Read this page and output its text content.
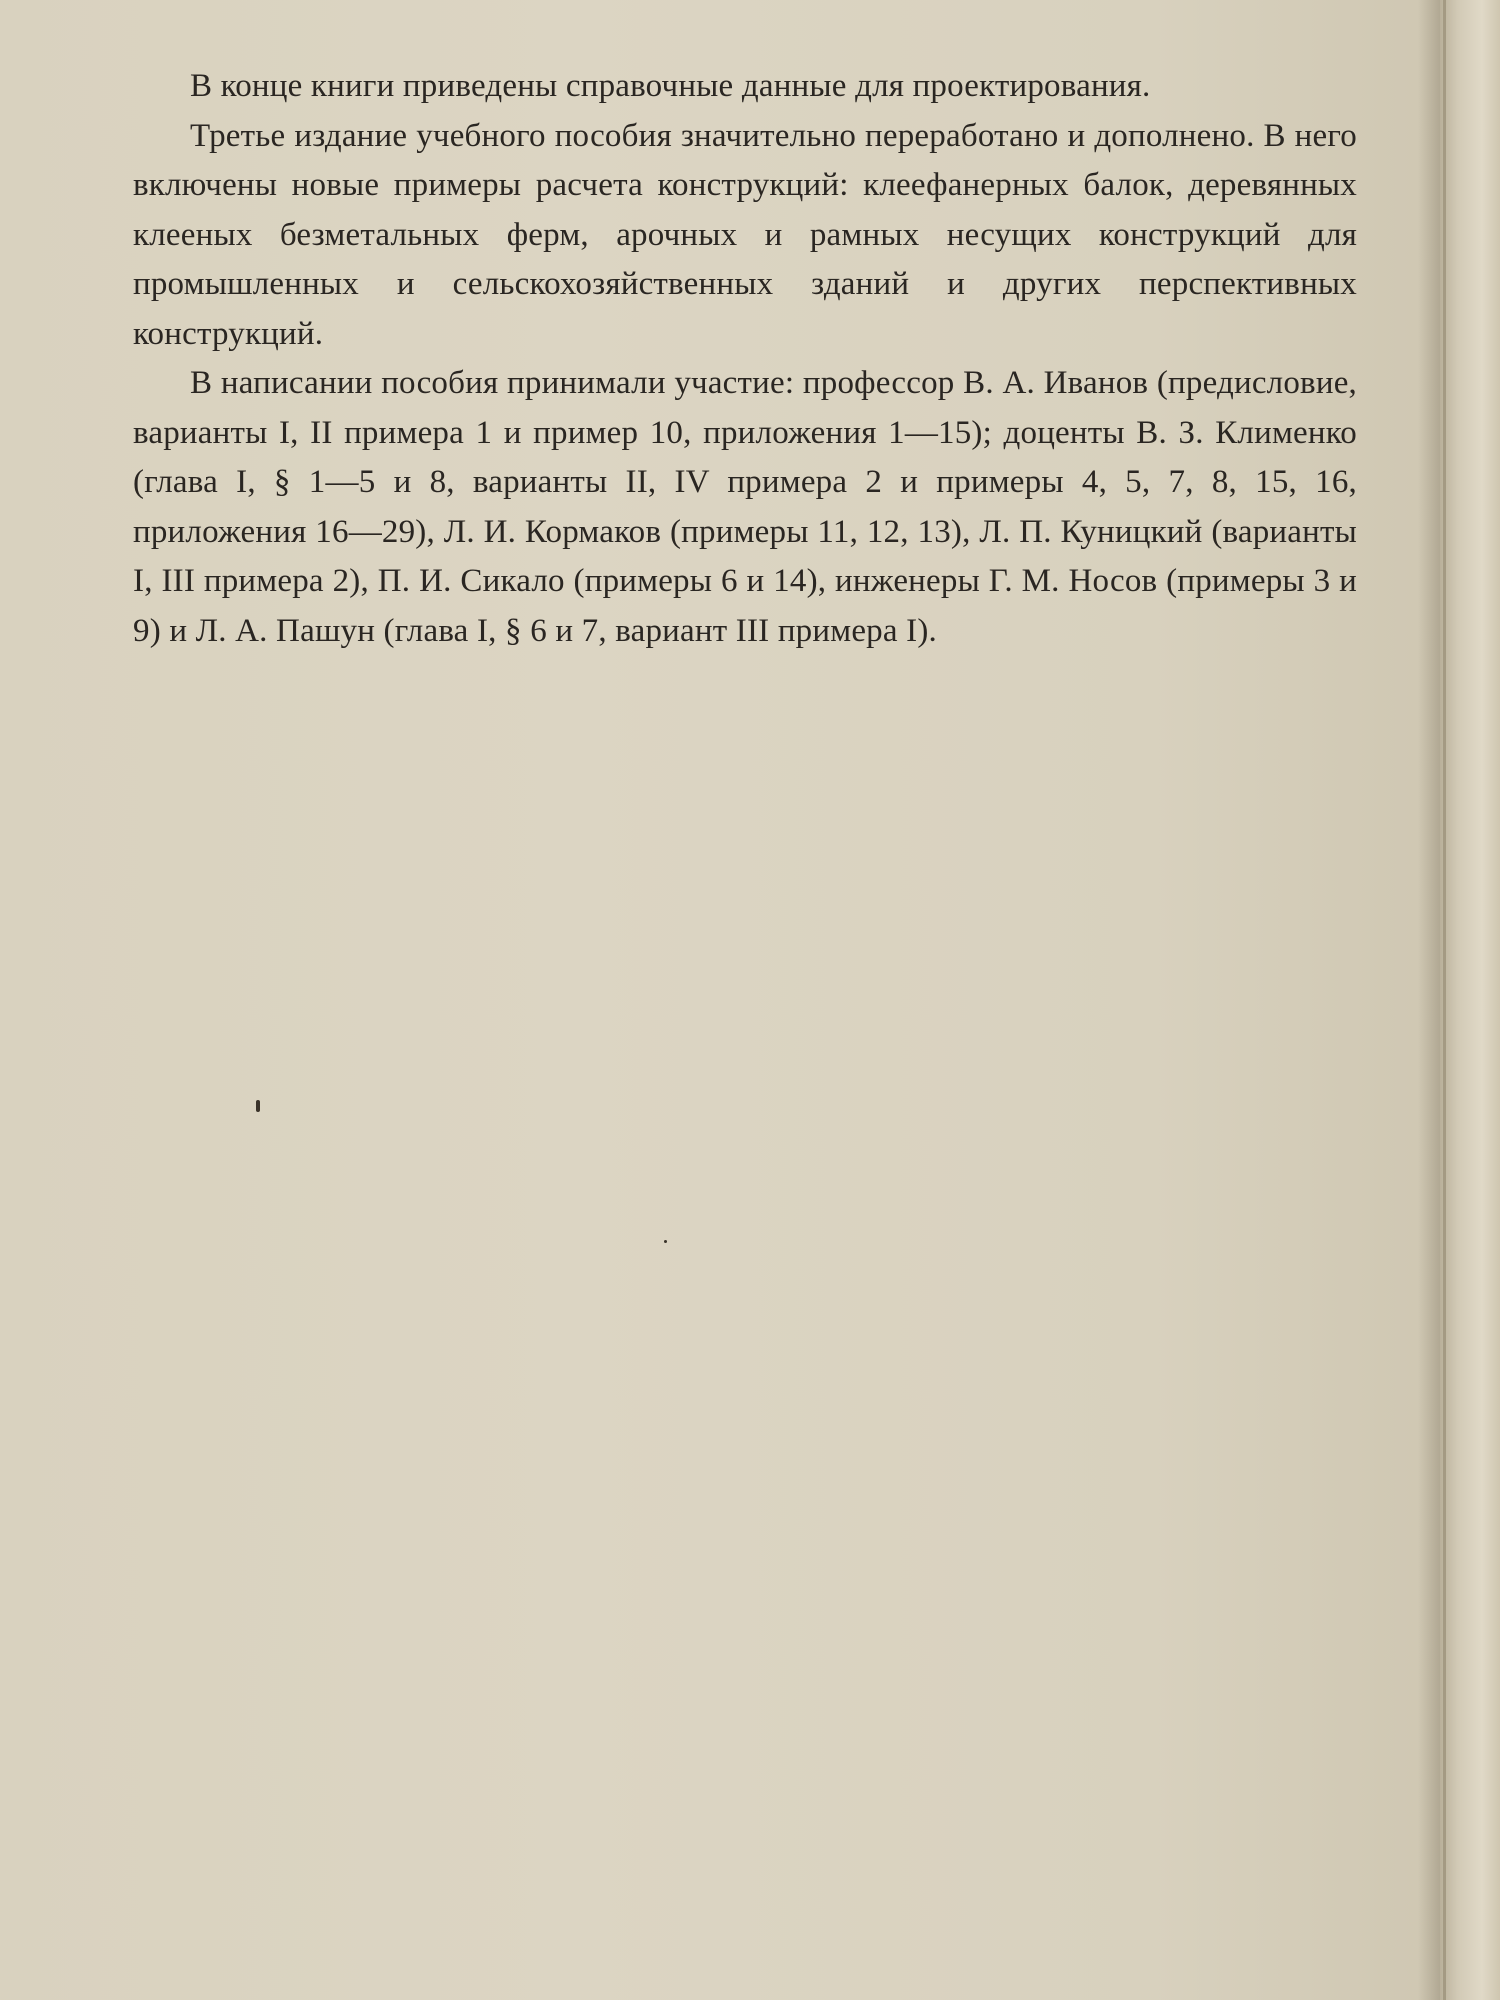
В конце книги приведены справочные данные для проектирования.

Третье издание учебного пособия значительно переработано и дополнено. В него включены новые примеры расчета конструкций: клеефанерных балок, деревянных клееных безметальных ферм, арочных и рамных несущих конструкций для промышленных и сельскохозяйственных зданий и других перспективных конструкций.

В написании пособия принимали участие: профессор В. А. Иванов (предисловие, варианты I, II примера 1 и пример 10, приложения 1—15); доценты В. З. Клименко (глава I, § 1—5 и 8, варианты II, IV примера 2 и примеры 4, 5, 7, 8, 15, 16, приложения 16—29), Л. И. Кормаков (примеры 11, 12, 13), Л. П. Куницкий (варианты I, III примера 2), П. И. Сикало (примеры 6 и 14), инженеры Г. М. Носов (примеры 3 и 9) и Л. А. Пашун (глава I, § 6 и 7, вариант III примера I).
